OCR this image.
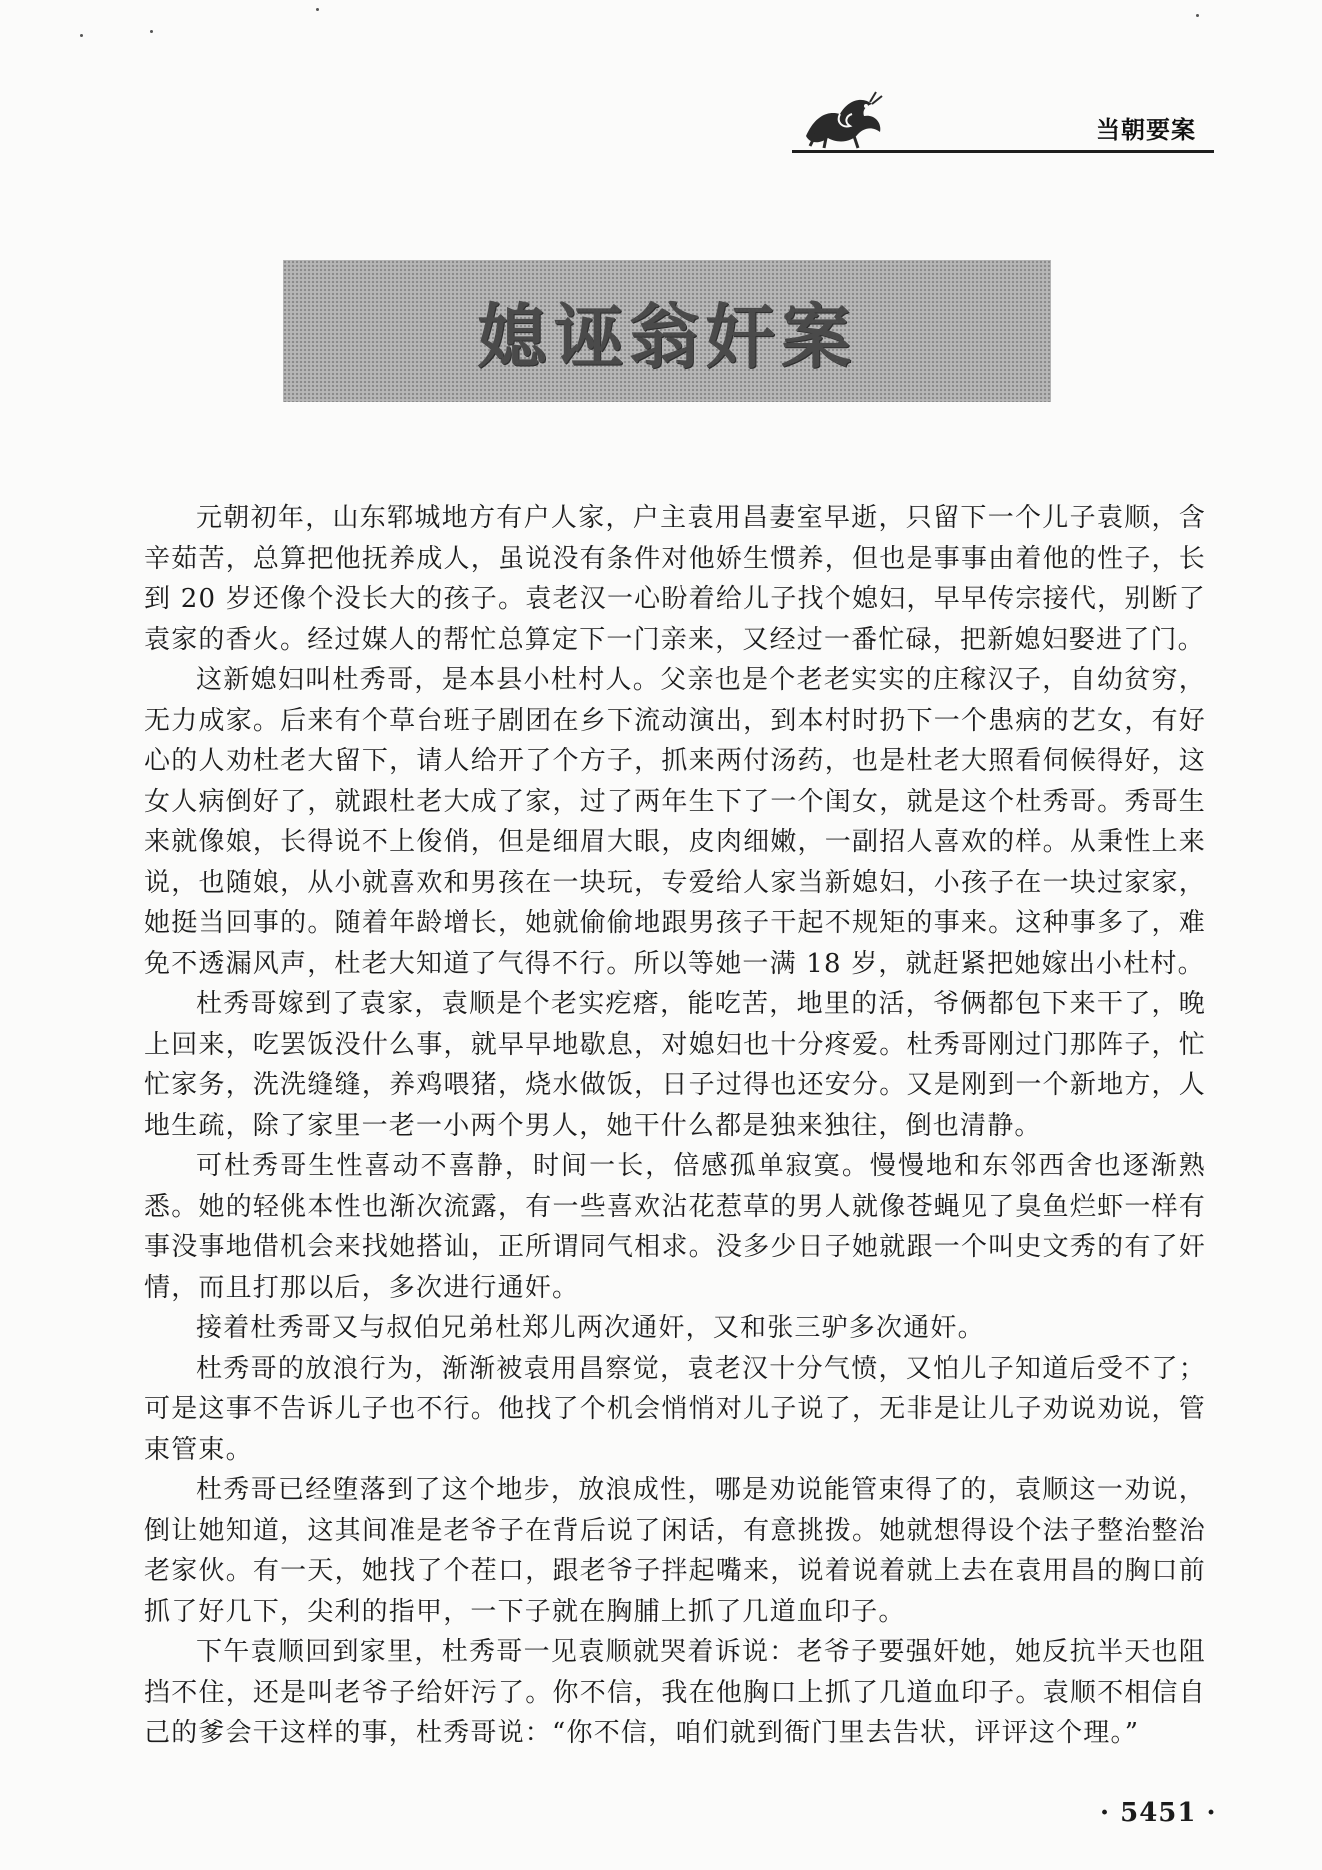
当朝要案
媳诬翁奸案

元朝初年，山东郓城地方有户人家，户主袁用昌妻室早逝，只留下一个儿子袁顺，含辛茹苦，总算把他抚养成人，虽说没有条件对他娇生惯养，但也是事事由着他的性子，长到 20 岁还像个没长大的孩子。袁老汉一心盼着给儿子找个媳妇，早早传宗接代，别断了袁家的香火。经过媒人的帮忙总算定下一门亲来，又经过一番忙碌，把新媳妇娶进了门。

这新媳妇叫杜秀哥，是本县小杜村人。父亲也是个老老实实的庄稼汉子，自幼贫穷，无力成家。后来有个草台班子剧团在乡下流动演出，到本村时扔下一个患病的艺女，有好心的人劝杜老大留下，请人给开了个方子，抓来两付汤药，也是杜老大照看伺候得好，这女人病倒好了，就跟杜老大成了家，过了两年生下了一个闺女，就是这个杜秀哥。秀哥生来就像娘，长得说不上俊俏，但是细眉大眼，皮肉细嫩，一副招人喜欢的样。从秉性上来说，也随娘，从小就喜欢和男孩在一块玩，专爱给人家当新媳妇，小孩子在一块过家家，她挺当回事的。随着年龄增长，她就偷偷地跟男孩子干起不规矩的事来。这种事多了，难免不透漏风声，杜老大知道了气得不行。所以等她一满 18 岁，就赶紧把她嫁出小杜村。

杜秀哥嫁到了袁家，袁顺是个老实疙瘩，能吃苦，地里的活，爷俩都包下来干了，晚上回来，吃罢饭没什么事，就早早地歇息，对媳妇也十分疼爱。杜秀哥刚过门那阵子，忙忙家务，洗洗缝缝，养鸡喂猪，烧水做饭，日子过得也还安分。又是刚到一个新地方，人地生疏，除了家里一老一小两个男人，她干什么都是独来独往，倒也清静。

可杜秀哥生性喜动不喜静，时间一长，倍感孤单寂寞。慢慢地和东邻西舍也逐渐熟悉。她的轻佻本性也渐次流露，有一些喜欢沾花惹草的男人就像苍蝇见了臭鱼烂虾一样有事没事地借机会来找她搭讪，正所谓同气相求。没多少日子她就跟一个叫史文秀的有了奸情，而且打那以后，多次进行通奸。

接着杜秀哥又与叔伯兄弟杜郑儿两次通奸，又和张三驴多次通奸。

杜秀哥的放浪行为，渐渐被袁用昌察觉，袁老汉十分气愤，又怕儿子知道后受不了；可是这事不告诉儿子也不行。他找了个机会悄悄对儿子说了，无非是让儿子劝说劝说，管束管束。

杜秀哥已经堕落到了这个地步，放浪成性，哪是劝说能管束得了的，袁顺这一劝说，倒让她知道，这其间准是老爷子在背后说了闲话，有意挑拨。她就想得设个法子整治整治老家伙。有一天，她找了个茬口，跟老爷子拌起嘴来，说着说着就上去在袁用昌的胸口前抓了好几下，尖利的指甲，一下子就在胸脯上抓了几道血印子。

下午袁顺回到家里，杜秀哥一见袁顺就哭着诉说：老爷子要强奸她，她反抗半天也阻挡不住，还是叫老爷子给奸污了。你不信，我在他胸口上抓了几道血印子。袁顺不相信自己的爹会干这样的事，杜秀哥说：“你不信，咱们就到衙门里去告状，评评这个理。”

· 5451 ·
